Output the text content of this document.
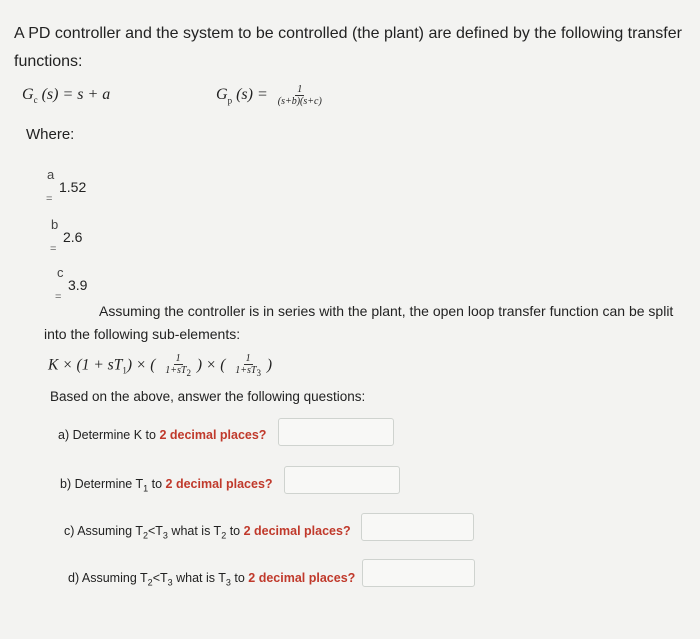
A PD controller and the system to be controlled (the plant) are defined by the following transfer functions:
$G_c$ (s) = s + a	$G_p$ $(s) = \frac{1}{(s+b)(s+c)}$
Where:
a
1.52
=
b
2.6
=
c
3.9
=
Assuming the controller is in series with the plant, the open loop transfer function can be split
into the following sub-elements:
$K \times (1 + sT_1)$ × ( $\frac{1}{1+sT_2}$ ) × ( $\frac{1}{1+sT_3}$ )
Based on the above, answer the following questions:
a) Determine K to 2 decimal places?
b) Determine $T_1$ to 2 decimal places?
c) Assuming $T_2<T_3$ what is $T_2$ to 2 decimal places?
d) Assuming $T_2<T_3$ what is $T_3$ to 2 decimal places?
